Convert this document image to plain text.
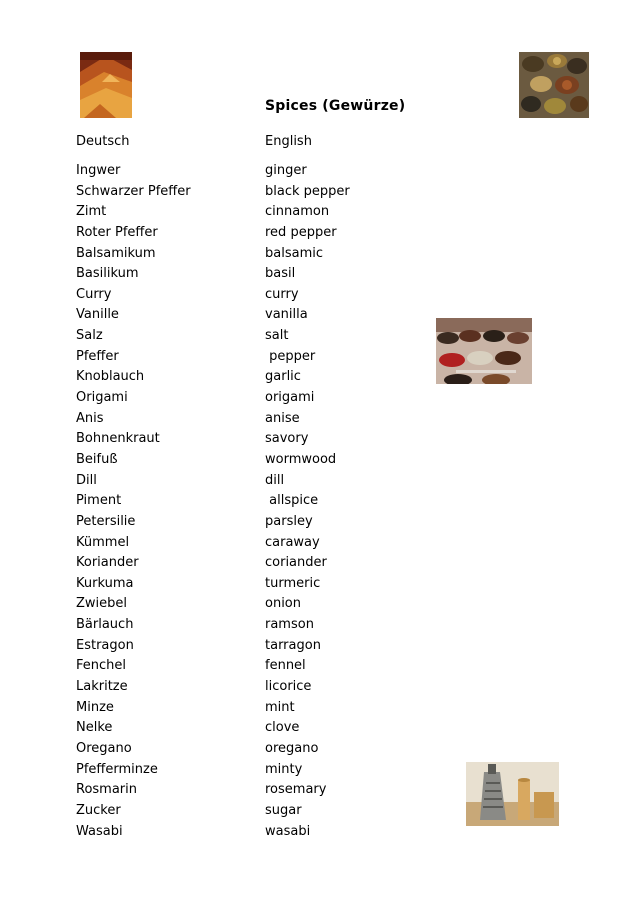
Spices (Gewürze)
Deutsch	English
Ingwer	ginger
Schwarzer Pfeffer	black pepper
Zimt	cinnamon
Roter Pfeffer	red pepper
Balsamikum	balsamic
Basilikum	basil
Curry	curry
Vanille	vanilla
Salz	salt
Pfeffer	pepper
Knoblauch	garlic
Origami	origami
Anis	anise
Bohnenkraut	savory
Beifuß	wormwood
Dill	dill
Piment	allspice
Petersilie	parsley
Kümmel	caraway
Koriander	coriander
Kurkuma	turmeric
Zwiebel	onion
Bärlauch	ramson
Estragon	tarragon
Fenchel	fennel
Lakritze	licorice
Minze	mint
Nelke	clove
Oregano	oregano
Pfefferminze	minty
Rosmarin	rosemary
Zucker	sugar
Wasabi	wasabi
